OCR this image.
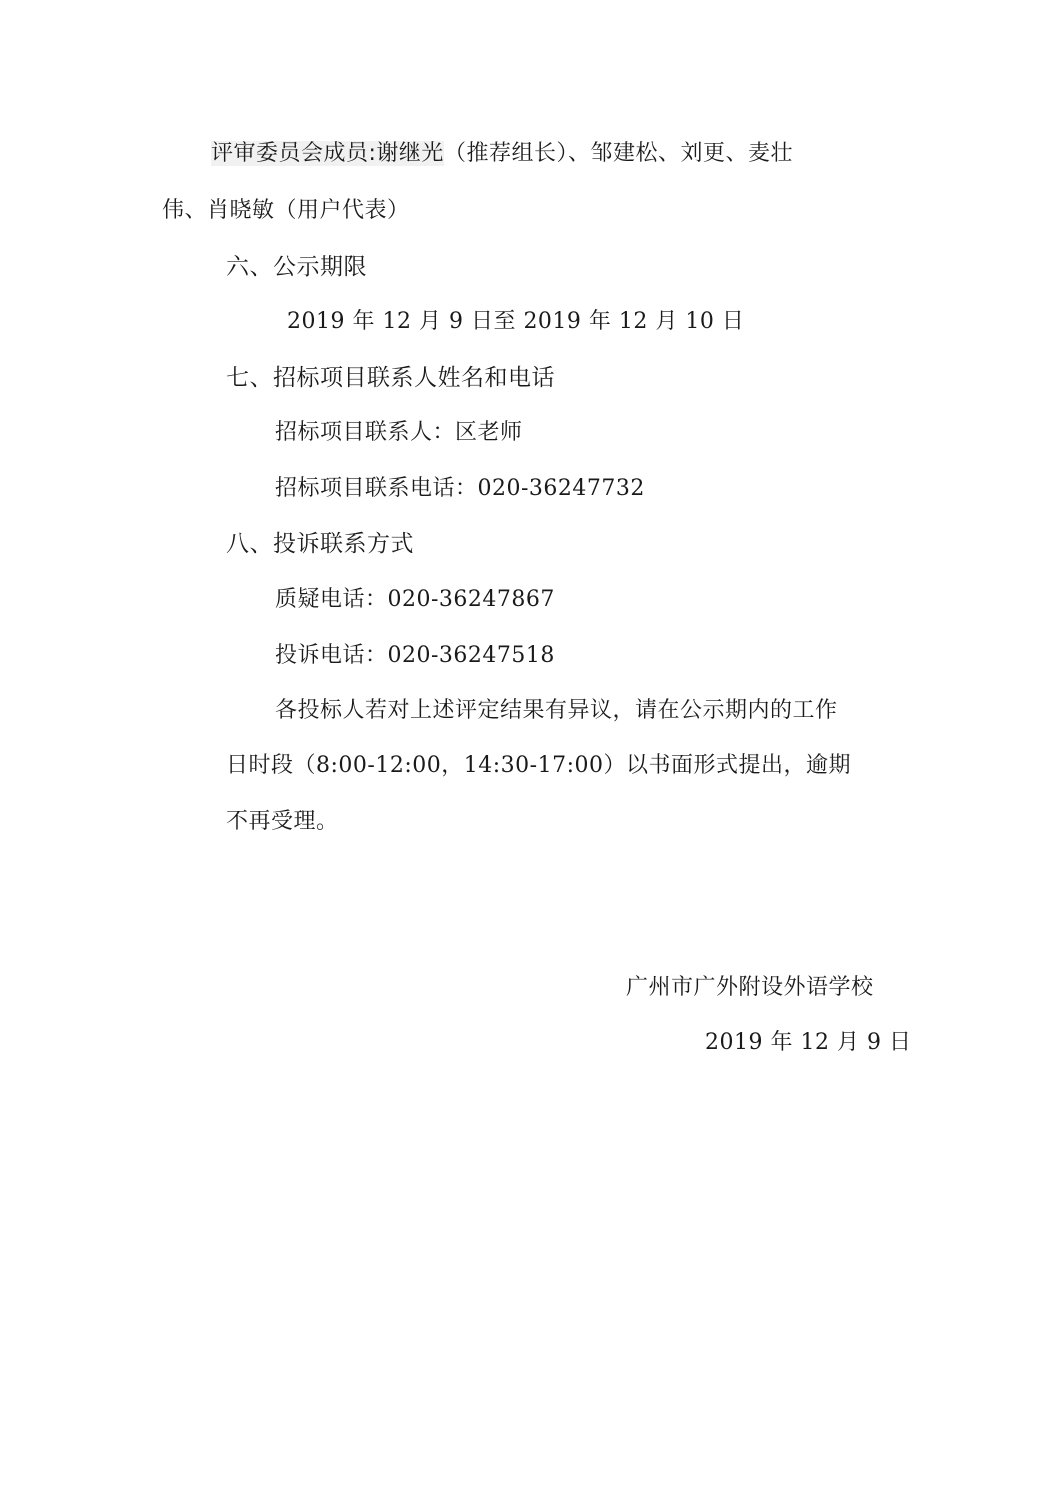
评审委员会成员:谢继光（推荐组长）、邹建松、刘更、麦壮
伟、肖晓敏（用户代表）
六、公示期限
2019 年 12 月 9 日至 2019 年 12 月 10 日
七、招标项目联系人姓名和电话
招标项目联系人：区老师
招标项目联系电话：020-36247732
八、投诉联系方式
质疑电话：020-36247867
投诉电话：020-36247518
各投标人若对上述评定结果有异议，请在公示期内的工作
日时段（8:00-12:00，14:30-17:00）以书面形式提出，逾期
不再受理。
广州市广外附设外语学校
2019 年 12 月 9 日
